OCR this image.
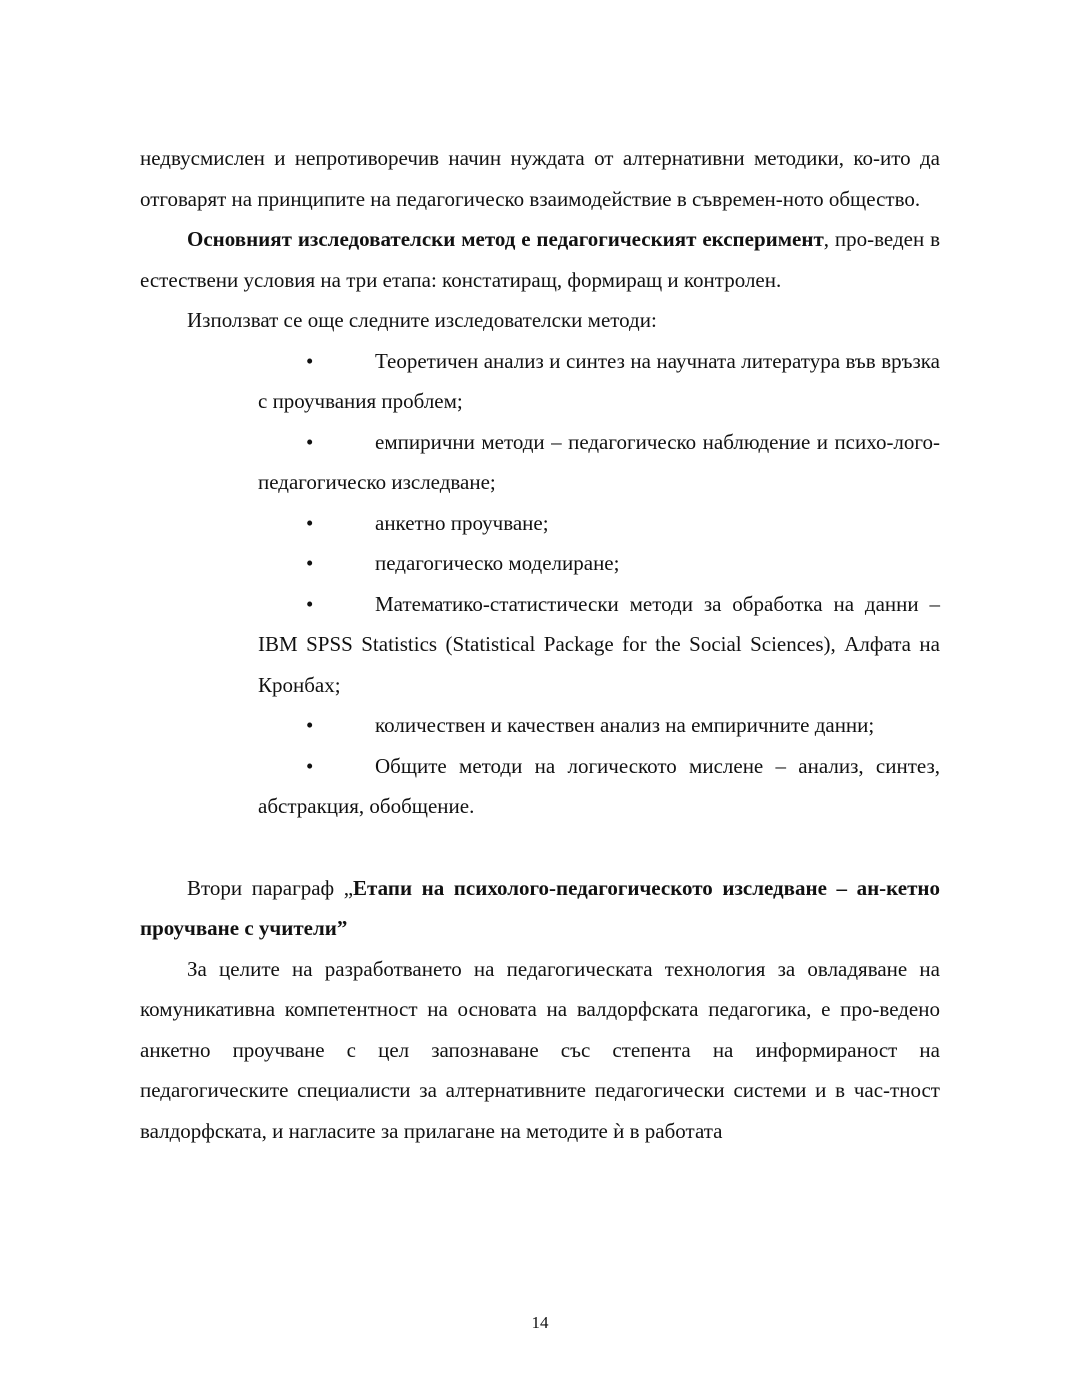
недвусмислен и непротиворечив начин нуждата от алтернативни методики, ко-ито да отговарят на принципите на педагогическо взаимодействие в съвремен-ното общество.

Основният изследователски метод е педагогическият експеримент, про-веден в естествени условия на три етапа: констатиращ, формиращ и контролен.

Използват се още следните изследователски методи:

•	Теоретичен анализ и синтез на научната литература във връзка с проучвания проблем;
•	емпирични методи – педагогическо наблюдение и психо-лого-педагогическо изследване;
•	анкетно проучване;
•	педагогическо моделиране;
•	Математико-статистически методи за обработка на данни – IBM SPSS Statistics (Statistical Package for the Social Sciences), Алфата на Кронбах;
•	количествен и качествен анализ на емпиричните данни;
•	Общите методи на логическото мислене – анализ, синтез, абстракция, обобщение.

Втори параграф „Етапи на психолого-педагогическото изследване – ан-кетно проучване с учители”

За целите на разработването на педагогическата технология за овладяване на комуникативна компетентност на основата на валдорфската педагогика, е про-ведено анкетно проучване с цел запознаване със степента на информираност на педагогическите специалисти за алтернативните педагогически системи и в час-тност валдорфската, и нагласите за прилагане на методите ѝ в работата

14
